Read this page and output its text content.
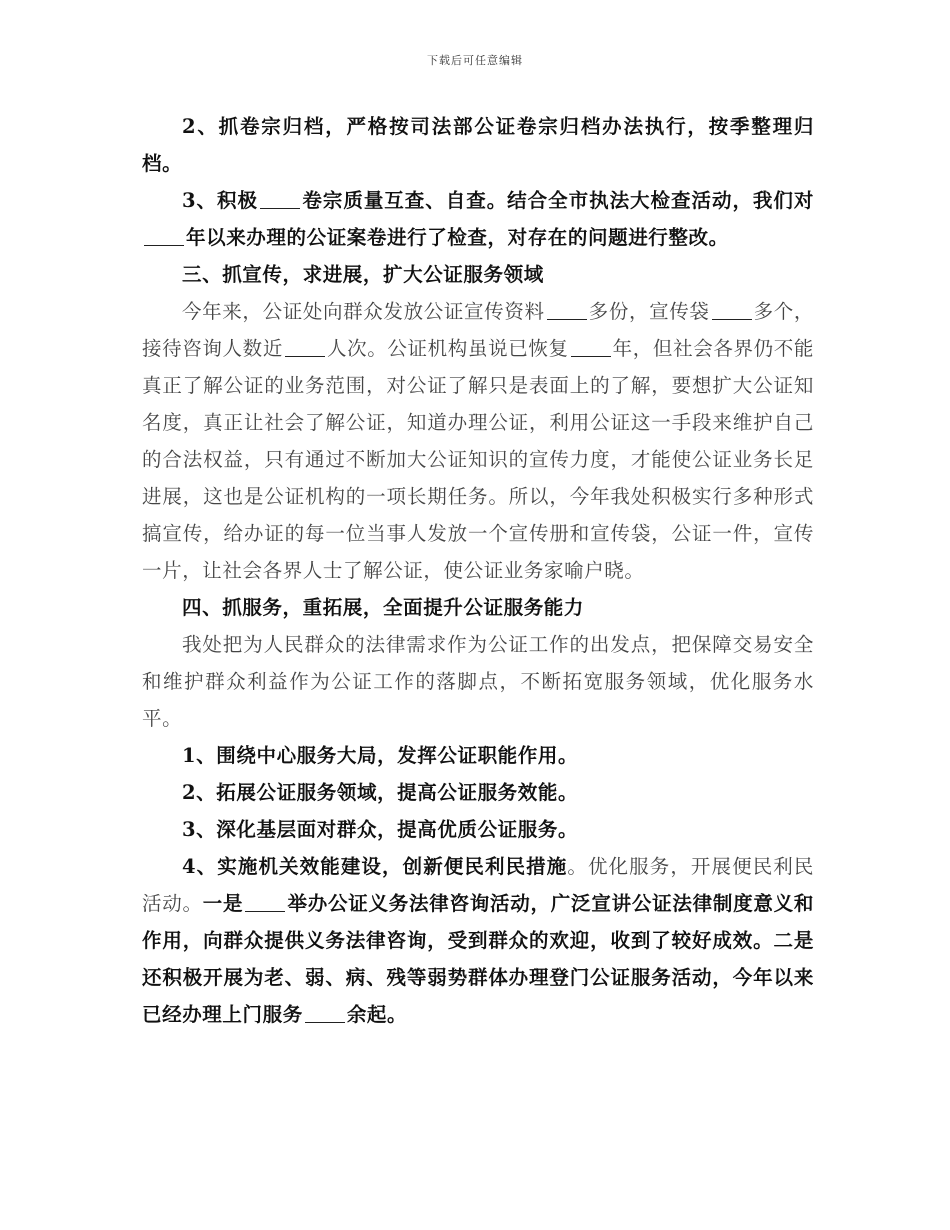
下载后可任意编辑

2、抓卷宗归档，严格按司法部公证卷宗归档办法执行，按季整理归档。

3、积极 卷宗质量互查、自查。结合全市执法大检查活动，我们对年以来办理的公证案卷进行了检查，对存在的问题进行整改。

三、抓宣传，求进展，扩大公证服务领域

今年来，公证处向群众发放公证宣传资料 多份，宣传袋 多个，接待咨询人数近 人次。公证机构虽说已恢复 年，但社会各界仍不能真正了解公证的业务范围，对公证了解只是表面上的了解，要想扩大公证知名度，真正让社会了解公证，知道办理公证，利用公证这一手段来维护自己的合法权益，只有通过不断加大公证知识的宣传力度，才能使公证业务长足进展，这也是公证机构的一项长期任务。所以，今年我处积极实行多种形式搞宣传，给办证的每一位当事人发放一个宣传册和宣传袋，公证一件，宣传一片，让社会各界人士了解公证，使公证业务家喻户晓。

四、抓服务，重拓展，全面提升公证服务能力

我处把为人民群众的法律需求作为公证工作的出发点，把保障交易安全和维护群众利益作为公证工作的落脚点，不断拓宽服务领域，优化服务水平。

1、围绕中心服务大局，发挥公证职能作用。

2、拓展公证服务领域，提高公证服务效能。

3、深化基层面对群众，提高优质公证服务。

4、实施机关效能建设，创新便民利民措施。优化服务，开展便民利民活动。一是 举办公证义务法律咨询活动，广泛宣讲公证法律制度意义和作用，向群众提供义务法律咨询，受到群众的欢迎，收到了较好成效。二是还积极开展为老、弱、病、残等弱势群体办理登门公证服务活动，今年以来已经办理上门服务 余起。
